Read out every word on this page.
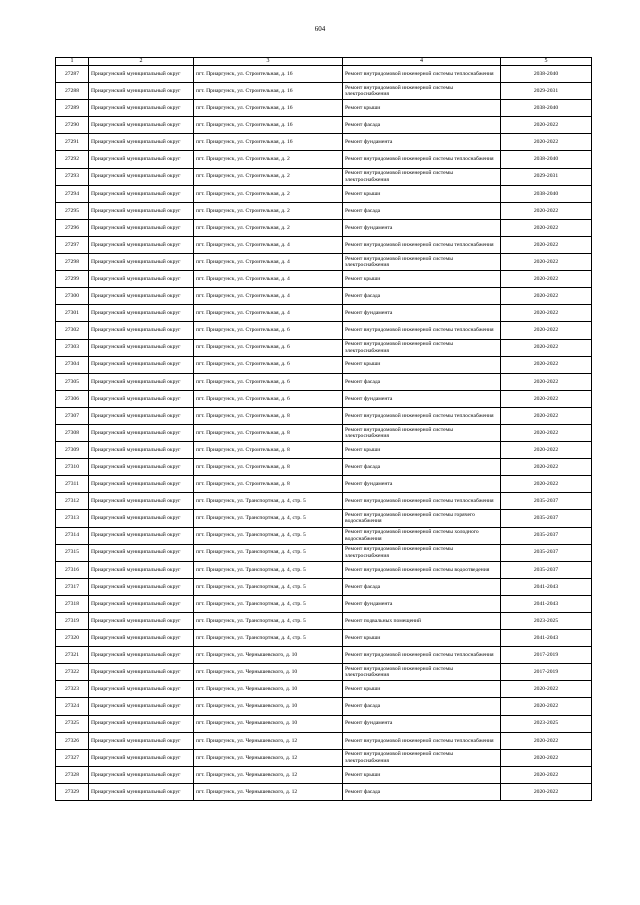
604
1	2	3	4	5
27287	Приаргунский муниципальный округ	пгт. Приаргунск, ул. Строительная, д. 16	Ремонт внутридомовой инженерной системы теплоснабжения	2038-2040
27288	Приаргунский муниципальный округ	пгт. Приаргунск, ул. Строительная, д. 16	Ремонт внутридомовой инженерной системы электроснабжения	2029-2031
27289	Приаргунский муниципальный округ	пгт. Приаргунск, ул. Строительная, д. 16	Ремонт крыши	2038-2040
27290	Приаргунский муниципальный округ	пгт. Приаргунск, ул. Строительная, д. 16	Ремонт фасада	2020-2022
27291	Приаргунский муниципальный округ	пгт. Приаргунск, ул. Строительная, д. 16	Ремонт фундамента	2020-2022
27292	Приаргунский муниципальный округ	пгт. Приаргунск, ул. Строительная, д. 2	Ремонт внутридомовой инженерной системы теплоснабжения	2038-2040
27293	Приаргунский муниципальный округ	пгт. Приаргунск, ул. Строительная, д. 2	Ремонт внутридомовой инженерной системы электроснабжения	2029-2031
27294	Приаргунский муниципальный округ	пгт. Приаргунск, ул. Строительная, д. 2	Ремонт крыши	2038-2040
27295	Приаргунский муниципальный округ	пгт. Приаргунск, ул. Строительная, д. 2	Ремонт фасада	2020-2022
27296	Приаргунский муниципальный округ	пгт. Приаргунск, ул. Строительная, д. 2	Ремонт фундамента	2020-2022
27297	Приаргунский муниципальный округ	пгт. Приаргунск, ул. Строительная, д. 4	Ремонт внутридомовой инженерной системы теплоснабжения	2020-2022
27298	Приаргунский муниципальный округ	пгт. Приаргунск, ул. Строительная, д. 4	Ремонт внутридомовой инженерной системы электроснабжения	2020-2022
27299	Приаргунский муниципальный округ	пгт. Приаргунск, ул. Строительная, д. 4	Ремонт крыши	2020-2022
27300	Приаргунский муниципальный округ	пгт. Приаргунск, ул. Строительная, д. 4	Ремонт фасада	2020-2022
27301	Приаргунский муниципальный округ	пгт. Приаргунск, ул. Строительная, д. 4	Ремонт фундамента	2020-2022
27302	Приаргунский муниципальный округ	пгт. Приаргунск, ул. Строительная, д. 6	Ремонт внутридомовой инженерной системы теплоснабжения	2020-2022
27303	Приаргунский муниципальный округ	пгт. Приаргунск, ул. Строительная, д. 6	Ремонт внутридомовой инженерной системы электроснабжения	2020-2022
27304	Приаргунский муниципальный округ	пгт. Приаргунск, ул. Строительная, д. 6	Ремонт крыши	2020-2022
27305	Приаргунский муниципальный округ	пгт. Приаргунск, ул. Строительная, д. 6	Ремонт фасада	2020-2022
27306	Приаргунский муниципальный округ	пгт. Приаргунск, ул. Строительная, д. 6	Ремонт фундамента	2020-2022
27307	Приаргунский муниципальный округ	пгт. Приаргунск, ул. Строительная, д. 8	Ремонт внутридомовой инженерной системы теплоснабжения	2020-2022
27308	Приаргунский муниципальный округ	пгт. Приаргунск, ул. Строительная, д. 8	Ремонт внутридомовой инженерной системы электроснабжения	2020-2022
27309	Приаргунский муниципальный округ	пгт. Приаргунск, ул. Строительная, д. 8	Ремонт крыши	2020-2022
27310	Приаргунский муниципальный округ	пгт. Приаргунск, ул. Строительная, д. 8	Ремонт фасада	2020-2022
27311	Приаргунский муниципальный округ	пгт. Приаргунск, ул. Строительная, д. 8	Ремонт фундамента	2020-2022
27312	Приаргунский муниципальный округ	пгт. Приаргунск, ул. Транспортная, д. 4, стр. 5	Ремонт внутридомовой инженерной системы теплоснабжения	2035-2037
27313	Приаргунский муниципальный округ	пгт. Приаргунск, ул. Транспортная, д. 4, стр. 5	Ремонт внутридомовой инженерной системы горячего водоснабжения	2035-2037
27314	Приаргунский муниципальный округ	пгт. Приаргунск, ул. Транспортная, д. 4, стр. 5	Ремонт внутридомовой инженерной системы холодного водоснабжения	2035-2037
27315	Приаргунский муниципальный округ	пгт. Приаргунск, ул. Транспортная, д. 4, стр. 5	Ремонт внутридомовой инженерной системы электроснабжения	2035-2037
27316	Приаргунский муниципальный округ	пгт. Приаргунск, ул. Транспортная, д. 4, стр. 5	Ремонт внутридомовой инженерной системы водоотведения	2035-2037
27317	Приаргунский муниципальный округ	пгт. Приаргунск, ул. Транспортная, д. 4, стр. 5	Ремонт фасада	2041-2043
27318	Приаргунский муниципальный округ	пгт. Приаргунск, ул. Транспортная, д. 4, стр. 5	Ремонт фундамента	2041-2043
27319	Приаргунский муниципальный округ	пгт. Приаргунск, ул. Транспортная, д. 4, стр. 5	Ремонт подвальных помещений	2023-2025
27320	Приаргунский муниципальный округ	пгт. Приаргунск, ул. Транспортная, д. 4, стр. 5	Ремонт крыши	2041-2043
27321	Приаргунский муниципальный округ	пгт. Приаргунск, ул. Чернышевского, д. 10	Ремонт внутридомовой инженерной системы теплоснабжения	2017-2019
27322	Приаргунский муниципальный округ	пгт. Приаргунск, ул. Чернышевского, д. 10	Ремонт внутридомовой инженерной системы электроснабжения	2017-2019
27323	Приаргунский муниципальный округ	пгт. Приаргунск, ул. Чернышевского, д. 10	Ремонт крыши	2020-2022
27324	Приаргунский муниципальный округ	пгт. Приаргунск, ул. Чернышевского, д. 10	Ремонт фасада	2020-2022
27325	Приаргунский муниципальный округ	пгт. Приаргунск, ул. Чернышевского, д. 10	Ремонт фундамента	2023-2025
27326	Приаргунский муниципальный округ	пгт. Приаргунск, ул. Чернышевского, д. 12	Ремонт внутридомовой инженерной системы теплоснабжения	2020-2022
27327	Приаргунский муниципальный округ	пгт. Приаргунск, ул. Чернышевского, д. 12	Ремонт внутридомовой инженерной системы электроснабжения	2020-2022
27328	Приаргунский муниципальный округ	пгт. Приаргунск, ул. Чернышевского, д. 12	Ремонт крыши	2020-2022
27329	Приаргунский муниципальный округ	пгт. Приаргунск, ул. Чернышевского, д. 12	Ремонт фасада	2020-2022
